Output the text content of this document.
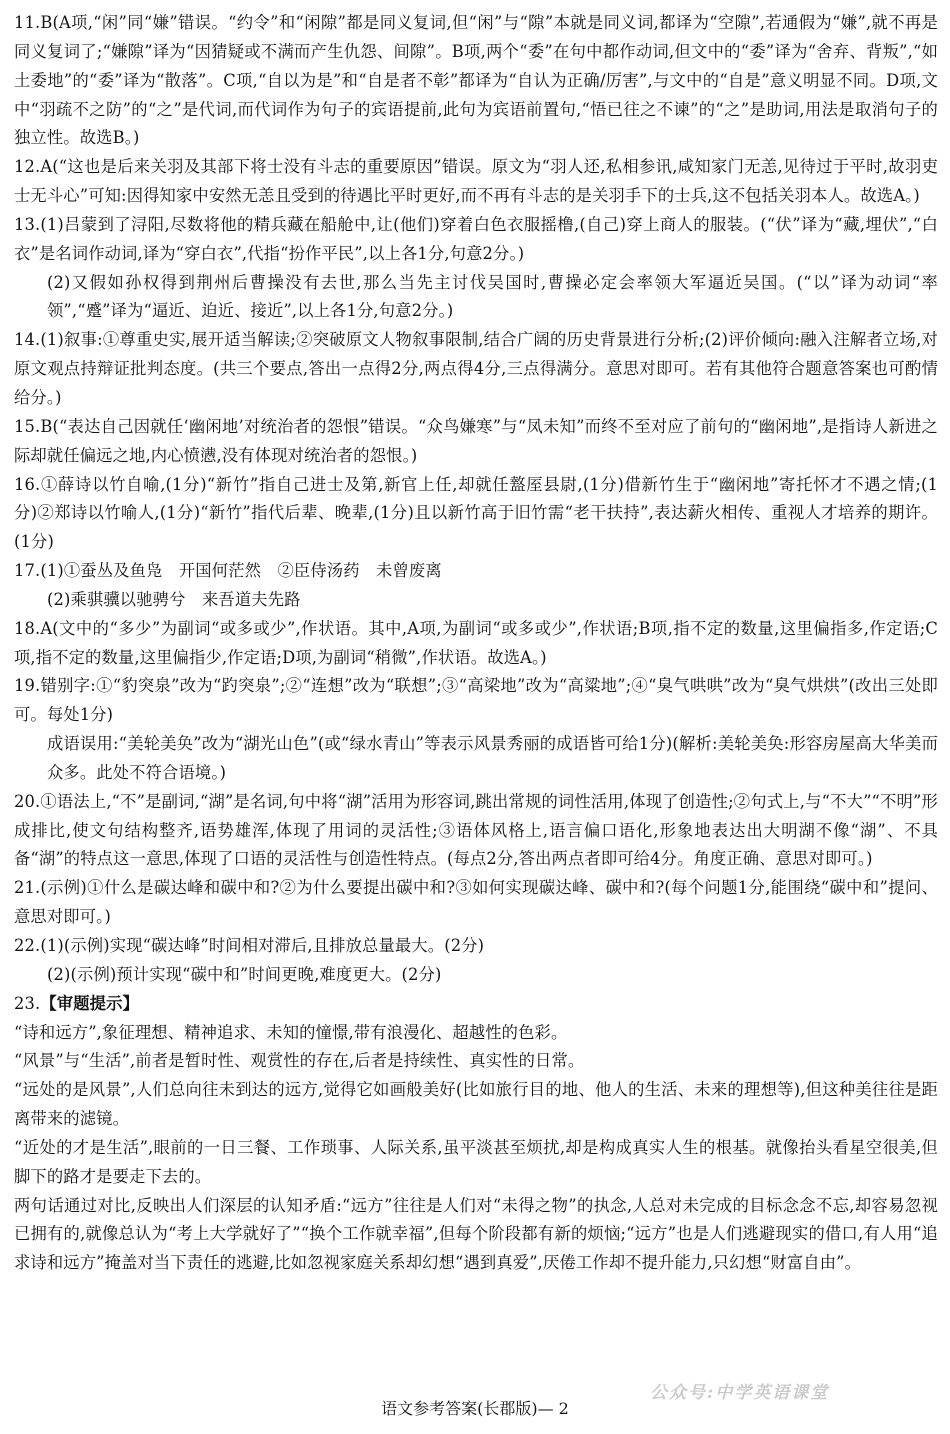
11.B(A项,“闲”同“嫌”错误。“约令”和“闲隙”都是同义复词,但“闲”与“隙”本就是同义词,都译为“空隙”,若通假为“嫌”,就不再是同义复词了;“嫌隙”译为“因猜疑或不满而产生仇怨、间隙”。B项,两个“委”在句中都作动词,但文中的“委”译为“舍弃、背叛”,“如土委地”的“委”译为“散落”。C项,“自以为是”和“自是者不彰”都译为“自认为正确/厉害”,与文中的“自是”意义明显不同。D项,文中“羽疏不之防”的“之”是代词,而代词作为句子的宾语提前,此句为宾语前置句,“悟已往之不谏”的“之”是助词,用法是取消句子的独立性。故选B。)

12.A(“这也是后来关羽及其部下将士没有斗志的重要原因”错误。原文为“羽人还,私相参讯,咸知家门无恙,见待过于平时,故羽吏士无斗心”可知:因得知家中安然无恙且受到的待遇比平时更好,而不再有斗志的是关羽手下的士兵,这不包括关羽本人。故选A。)

13.(1)吕蒙到了浔阳,尽数将他的精兵藏在船舱中,让(他们)穿着白色衣服摇橹,(自己)穿上商人的服装。(“伏”译为“藏,埋伏”,“白衣”是名词作动词,译为“穿白衣”,代指“扮作平民”,以上各1分,句意2分。)

(2)又假如孙权得到荆州后曹操没有去世,那么当先主讨伐吴国时,曹操必定会率领大军逼近吴国。(“以”译为动词“率领”,“蹙”译为“逼近、迫近、接近”,以上各1分,句意2分。)

14.(1)叙事:①尊重史实,展开适当解读;②突破原文人物叙事限制,结合广阔的历史背景进行分析;(2)评价倾向:融入注解者立场,对原文观点持辩证批判态度。(共三个要点,答出一点得2分,两点得4分,三点得满分。意思对即可。若有其他符合题意答案也可酌情给分。)

15.B(“表达自己因就任‘幽闲地’对统治者的怨恨”错误。“众鸟嫌寒”与“凤未知”而终不至对应了前句的“幽闲地”,是指诗人新进之际却就任偏远之地,内心愤懑,没有体现对统治者的怨恨。)

16.①薛诗以竹自喻,(1分)“新竹”指自己进士及第,新官上任,却就任盩厔县尉,(1分)借新竹生于“幽闲地”寄托怀才不遇之情;(1分)②郑诗以竹喻人,(1分)“新竹”指代后辈、晚辈,(1分)且以新竹高于旧竹需“老干扶持”,表达薪火相传、重视人才培养的期许。(1分)

17.(1)①蚕丛及鱼凫　开国何茫然　②臣侍汤药　未曾废离

(2)乘骐骥以驰骋兮　来吾道夫先路

18.A(文中的“多少”为副词“或多或少”,作状语。其中,A项,为副词“或多或少”,作状语;B项,指不定的数量,这里偏指多,作定语;C项,指不定的数量,这里偏指少,作定语;D项,为副词“稍微”,作状语。故选A。)

19.错别字:①“豹突泉”改为“趵突泉”;②“连想”改为“联想”;③“高梁地”改为“高粱地”;④“臭气哄哄”改为“臭气烘烘”(改出三处即可。每处1分)

成语误用:“美轮美奂”改为“湖光山色”(或“绿水青山”等表示风景秀丽的成语皆可给1分)(解析:美轮美奂:形容房屋高大华美而众多。此处不符合语境。)

20.①语法上,“不”是副词,“湖”是名词,句中将“湖”活用为形容词,跳出常规的词性活用,体现了创造性;②句式上,与“不大”“不明”形成排比,使文句结构整齐,语势雄浑,体现了用词的灵活性;③语体风格上,语言偏口语化,形象地表达出大明湖不像“湖”、不具备“湖”的特点这一意思,体现了口语的灵活性与创造性特点。(每点2分,答出两点者即可给4分。角度正确、意思对即可。)

21.(示例)①什么是碳达峰和碳中和?②为什么要提出碳中和?③如何实现碳达峰、碳中和?(每个问题1分,能围绕“碳中和”提问、意思对即可。)

22.(1)(示例)实现“碳达峰”时间相对滞后,且排放总量最大。(2分)

(2)(示例)预计实现“碳中和”时间更晚,难度更大。(2分)

23.【审题提示】

“诗和远方”,象征理想、精神追求、未知的憧憬,带有浪漫化、超越性的色彩。

“风景”与“生活”,前者是暂时性、观赏性的存在,后者是持续性、真实性的日常。

“远处的是风景”,人们总向往未到达的远方,觉得它如画般美好(比如旅行目的地、他人的生活、未来的理想等),但这种美往往是距离带来的滤镜。

“近处的才是生活”,眼前的一日三餐、工作琐事、人际关系,虽平淡甚至烦扰,却是构成真实人生的根基。就像抬头看星空很美,但脚下的路才是要走下去的。

两句话通过对比,反映出人们深层的认知矛盾:“远方”往往是人们对“未得之物”的执念,人总对未完成的目标念念不忘,却容易忽视已拥有的,就像总认为“考上大学就好了”“换个工作就幸福”,但每个阶段都有新的烦恼;“远方”也是人们逃避现实的借口,有人用“追求诗和远方”掩盖对当下责任的逃避,比如忽视家庭关系却幻想“遇到真爱”,厌倦工作却不提升能力,只幻想“财富自由”。

公众号:中学英语课堂
语文参考答案(长郡版)— 2
